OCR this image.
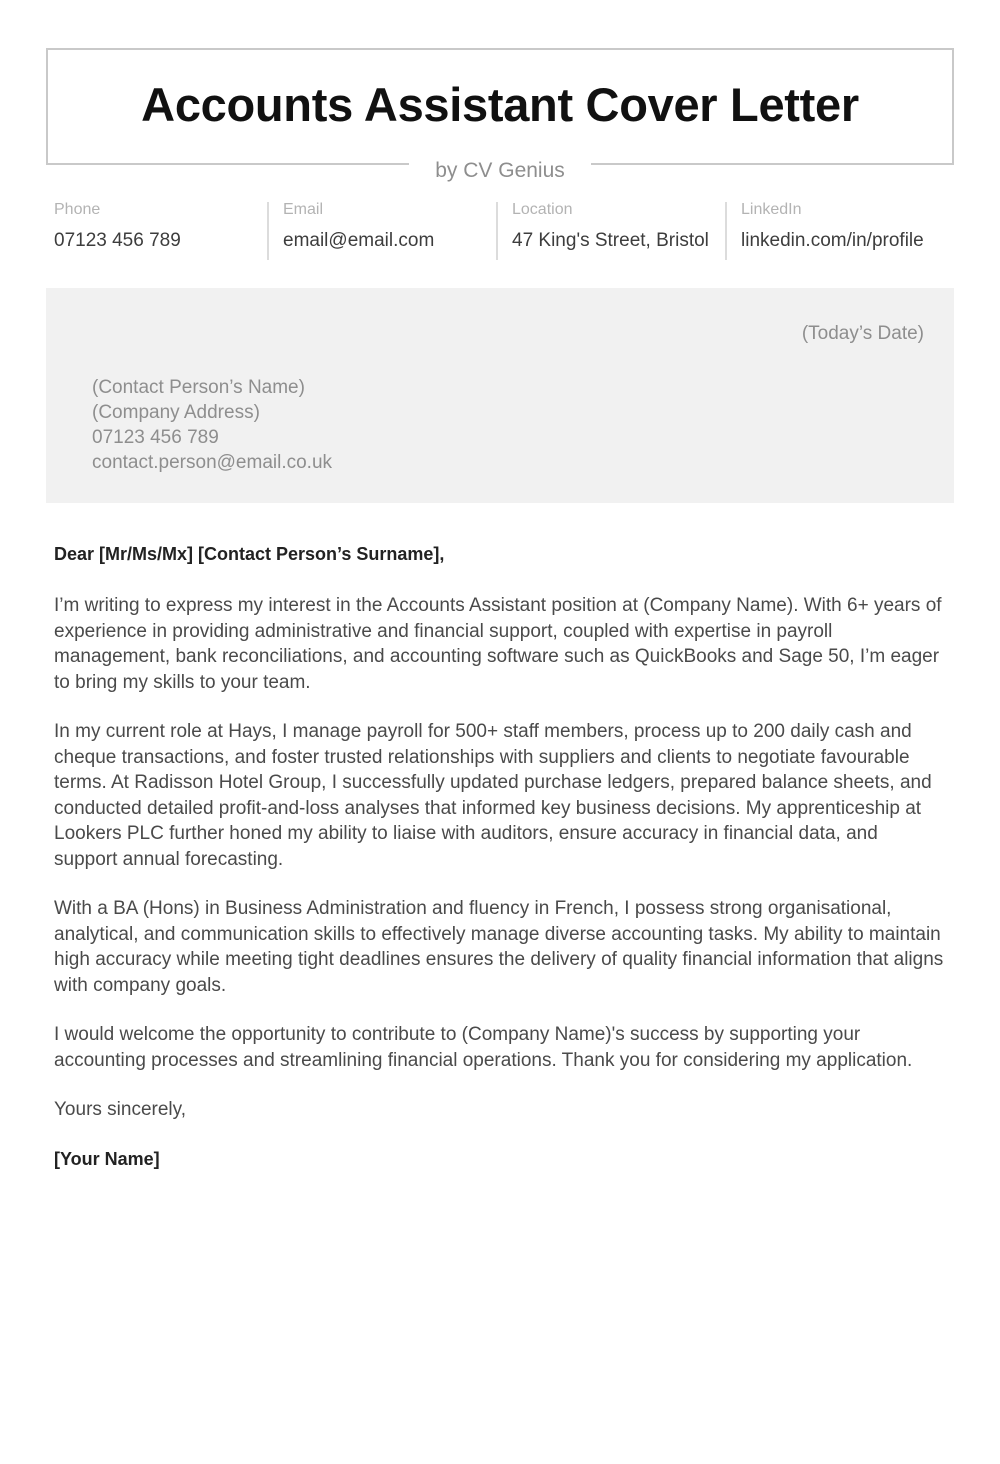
Accounts Assistant Cover Letter
by CV Genius
Phone
07123 456 789
Email
email@email.com
Location
47 King's Street, Bristol
LinkedIn
linkedin.com/in/profile
(Today’s Date)
(Contact Person’s Name)
(Company Address)
07123 456 789
contact.person@email.co.uk

Dear [Mr/Ms/Mx] [Contact Person’s Surname],

I’m writing to express my interest in the Accounts Assistant position at (Company Name). With 6+ years of experience in providing administrative and financial support, coupled with expertise in payroll management, bank reconciliations, and accounting software such as QuickBooks and Sage 50, I’m eager to bring my skills to your team.

In my current role at Hays, I manage payroll for 500+ staff members, process up to 200 daily cash and cheque transactions, and foster trusted relationships with suppliers and clients to negotiate favourable terms. At Radisson Hotel Group, I successfully updated purchase ledgers, prepared balance sheets, and conducted detailed profit-and-loss analyses that informed key business decisions. My apprenticeship at Lookers PLC further honed my ability to liaise with auditors, ensure accuracy in financial data, and support annual forecasting.

With a BA (Hons) in Business Administration and fluency in French, I possess strong organisational, analytical, and communication skills to effectively manage diverse accounting tasks. My ability to maintain high accuracy while meeting tight deadlines ensures the delivery of quality financial information that aligns with company goals.

I would welcome the opportunity to contribute to (Company Name)'s success by supporting your accounting processes and streamlining financial operations. Thank you for considering my application.

Yours sincerely,

[Your Name]
